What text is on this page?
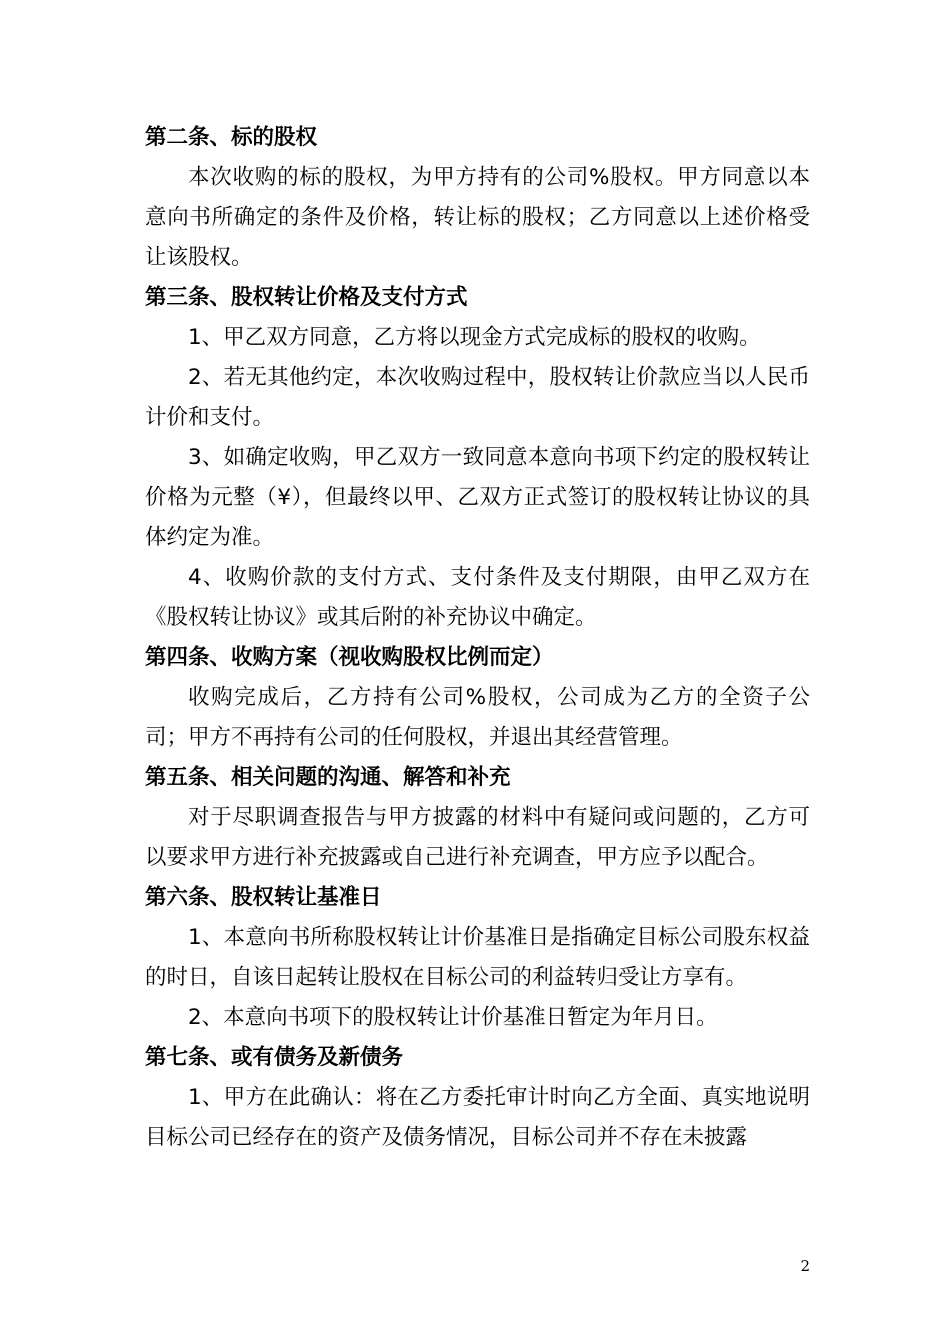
第二条、标的股权

本次收购的标的股权，为甲方持有的公司%股权。甲方同意以本意向书所确定的条件及价格，转让标的股权；乙方同意以上述价格受让该股权。

第三条、股权转让价格及支付方式

1、甲乙双方同意，乙方将以现金方式完成标的股权的收购。

2、若无其他约定，本次收购过程中，股权转让价款应当以人民币计价和支付。

3、如确定收购，甲乙双方一致同意本意向书项下约定的股权转让价格为元整（¥），但最终以甲、乙双方正式签订的股权转让协议的具体约定为准。

4、收购价款的支付方式、支付条件及支付期限，由甲乙双方在《股权转让协议》或其后附的补充协议中确定。

第四条、收购方案（视收购股权比例而定）

收购完成后，乙方持有公司%股权，公司成为乙方的全资子公司；甲方不再持有公司的任何股权，并退出其经营管理。

第五条、相关问题的沟通、解答和补充

对于尽职调查报告与甲方披露的材料中有疑问或问题的，乙方可以要求甲方进行补充披露或自己进行补充调查，甲方应予以配合。

第六条、股权转让基准日

1、本意向书所称股权转让计价基准日是指确定目标公司股东权益的时日，自该日起转让股权在目标公司的利益转归受让方享有。

2、本意向书项下的股权转让计价基准日暂定为年月日。

第七条、或有债务及新债务

1、甲方在此确认：将在乙方委托审计时向乙方全面、真实地说明目标公司已经存在的资产及债务情况，目标公司并不存在未披露

2
